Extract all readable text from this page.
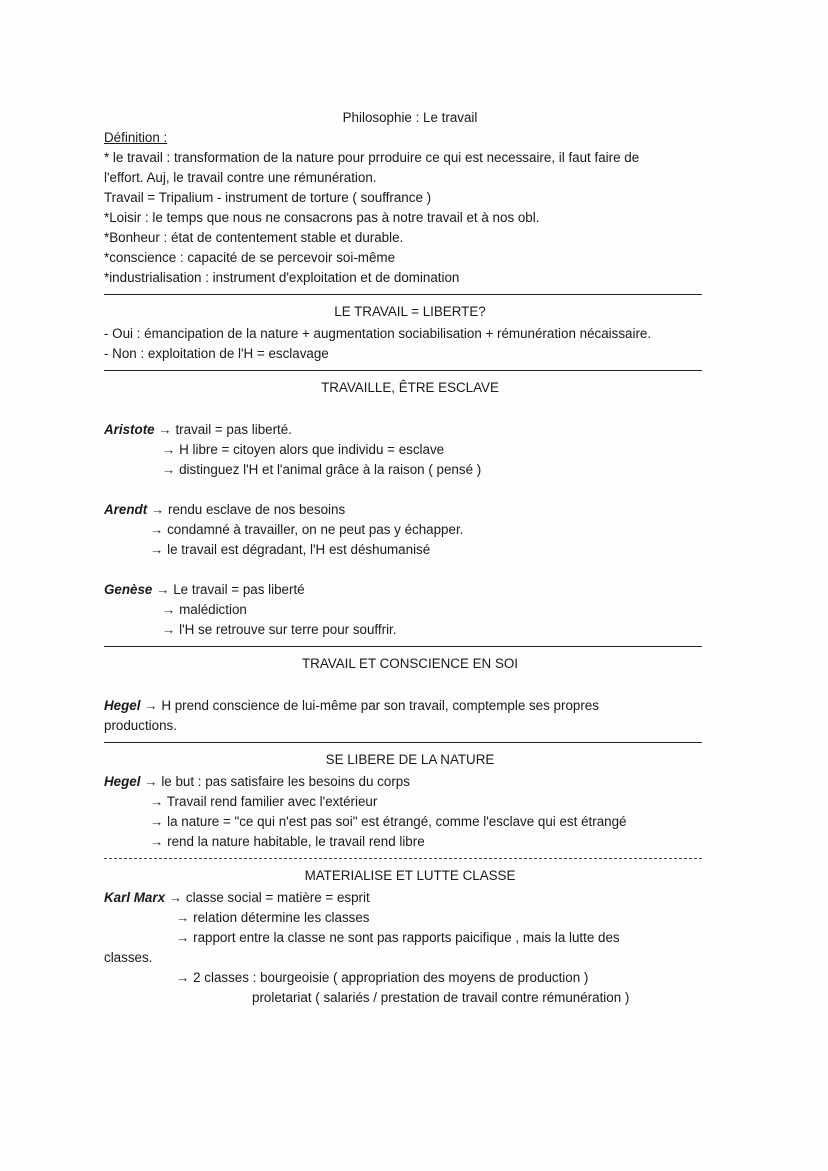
Philosophie : Le travail

Définition :

* le travail : transformation de la nature pour prroduire ce qui est necessaire, il faut faire de

l'effort. Auj, le travail contre une rémunération.

Travail = Tripalium - instrument de torture ( souffrance )

*Loisir : le temps que nous ne consacrons pas à notre travail et à nos obl.

*Bonheur : état de contentement stable et durable.

*conscience : capacité de se percevoir soi-même

*industrialisation : instrument d'exploitation et de domination

LE TRAVAIL = LIBERTE?

- Oui : émancipation de la nature + augmentation sociabilisation + rémunération nécaissaire.

- Non : exploitation de l'H = esclavage

TRAVAILLE, ÊTRE ESCLAVE

Aristote → travail = pas liberté.

→ H libre = citoyen alors que individu = esclave

→ distinguez l'H et l'animal grâce à la raison ( pensé )

Arendt → rendu esclave de nos besoins

→ condamné à travailler, on ne peut pas y échapper.

→ le travail est dégradant, l'H est déshumanisé

Genèse → Le travail = pas liberté

→ malédiction

→ l'H se retrouve sur terre pour souffrir.

TRAVAIL ET CONSCIENCE EN SOI

Hegel → H prend conscience de lui-même par son travail, comptemple ses propres

productions.

SE LIBERE DE LA NATURE

Hegel → le but : pas satisfaire les besoins du corps

→ Travail rend familier avec l'extérieur

→ la nature = "ce qui n'est pas soi" est étrangé, comme l'esclave qui est étrangé

→ rend la nature habitable, le travail rend libre

MATERIALISE ET LUTTE CLASSE

Karl Marx → classe social = matière = esprit

→ relation détermine les classes

→ rapport entre la classe ne sont pas rapports paicifique , mais la lutte des

classes.

→ 2 classes : bourgeoisie ( appropriation des moyens de production )

proletariat ( salariés / prestation de travail contre rémunération )
